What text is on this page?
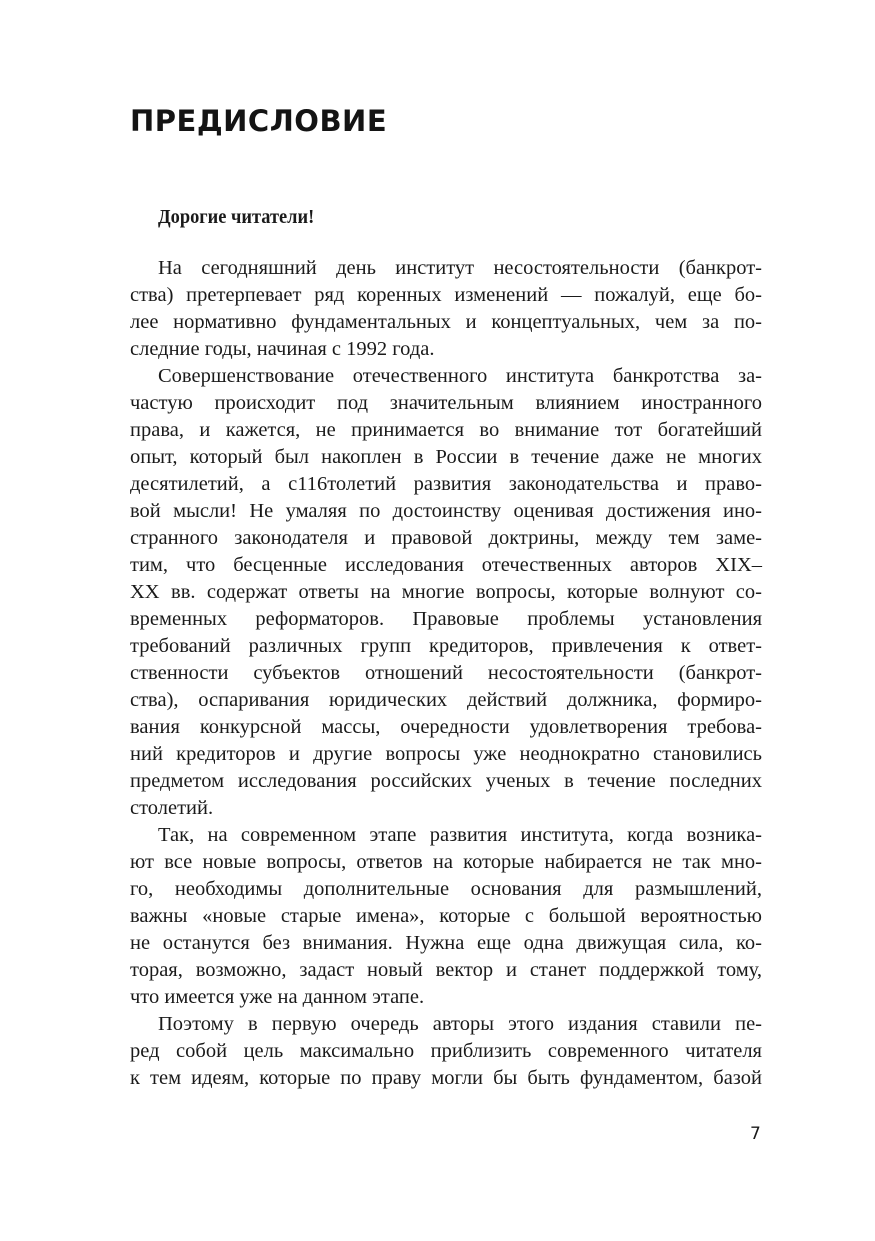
ПРЕДИСЛОВИЕ
Дорогие читатели!
На сегодняшний день институт несостоятельности (банкрот-
ства) претерпевает ряд коренных изменений — пожалуй, еще бо-
лее нормативно фундаментальных и концептуальных, чем за по-
следние годы, начиная с 1992 года.
Совершенствование отечественного института банкротства за-
частую происходит под значительным влиянием иностранного
права, и кажется, не принимается во внимание тот богатейший
опыт, который был накоплен в России в течение даже не многих
десятилетий, а с116толетий развития законодательства и право-
вой мысли! Не умаляя по достоинству оценивая достижения ино-
странного законодателя и правовой доктрины, между тем заме-
тим, что бесценные исследования отечественных авторов XIX–
XX вв. содержат ответы на многие вопросы, которые волнуют со-
временных реформаторов. Правовые проблемы установления
требований различных групп кредиторов, привлечения к ответ-
ственности субъектов отношений несостоятельности (банкрот-
ства), оспаривания юридических действий должника, формиро-
вания конкурсной массы, очередности удовлетворения требова-
ний кредиторов и другие вопросы уже неоднократно становились
предметом исследования российских ученых в течение последних
столетий.
Так, на современном этапе развития института, когда возника-
ют все новые вопросы, ответов на которые набирается не так мно-
го, необходимы дополнительные основания для размышлений,
важны «новые старые имена», которые с большой вероятностью
не останутся без внимания. Нужна еще одна движущая сила, ко-
торая, возможно, задаст новый вектор и станет поддержкой тому,
что имеется уже на данном этапе.
Поэтому в первую очередь авторы этого издания ставили пе-
ред собой цель максимально приблизить современного читателя
к тем идеям, которые по праву могли бы быть фундаментом, базой
7
